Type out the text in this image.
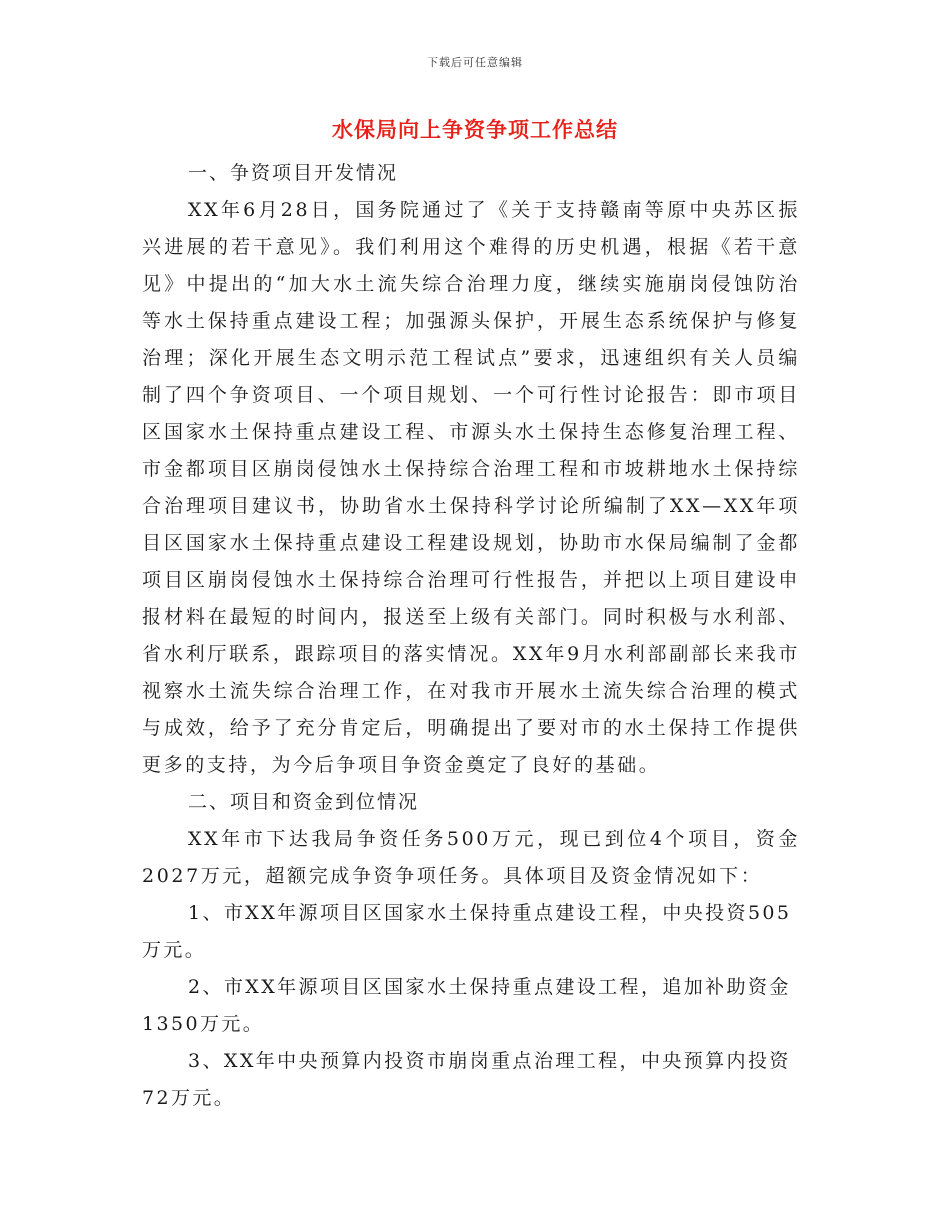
下载后可任意编辑
水保局向上争资争项工作总结

一、争资项目开发情况

XX年6月28日，国务院通过了《关于支持赣南等原中央苏区振兴进展的若干意见》。我们利用这个难得的历史机遇，根据《若干意见》中提出的“加大水土流失综合治理力度，继续实施崩岗侵蚀防治等水土保持重点建设工程；加强源头保护，开展生态系统保护与修复治理；深化开展生态文明示范工程试点”要求，迅速组织有关人员编制了四个争资项目、一个项目规划、一个可行性讨论报告：即市项目区国家水土保持重点建设工程、市源头水土保持生态修复治理工程、市金都项目区崩岗侵蚀水土保持综合治理工程和市坡耕地水土保持综合治理项目建议书，协助省水土保持科学讨论所编制了XX—XX年项目区国家水土保持重点建设工程建设规划，协助市水保局编制了金都项目区崩岗侵蚀水土保持综合治理可行性报告，并把以上项目建设申报材料在最短的时间内，报送至上级有关部门。同时积极与水利部、省水利厅联系，跟踪项目的落实情况。XX年9月水利部副部长来我市视察水土流失综合治理工作，在对我市开展水土流失综合治理的模式与成效，给予了充分肯定后，明确提出了要对市的水土保持工作提供更多的支持，为今后争项目争资金奠定了良好的基础。

二、项目和资金到位情况

XX年市下达我局争资任务500万元，现已到位4个项目，资金2027万元，超额完成争资争项任务。具体项目及资金情况如下：

1、市XX年源项目区国家水土保持重点建设工程，中央投资505万元。

2、市XX年源项目区国家水土保持重点建设工程，追加补助资金1350万元。

3、XX年中央预算内投资市崩岗重点治理工程，中央预算内投资72万元。
